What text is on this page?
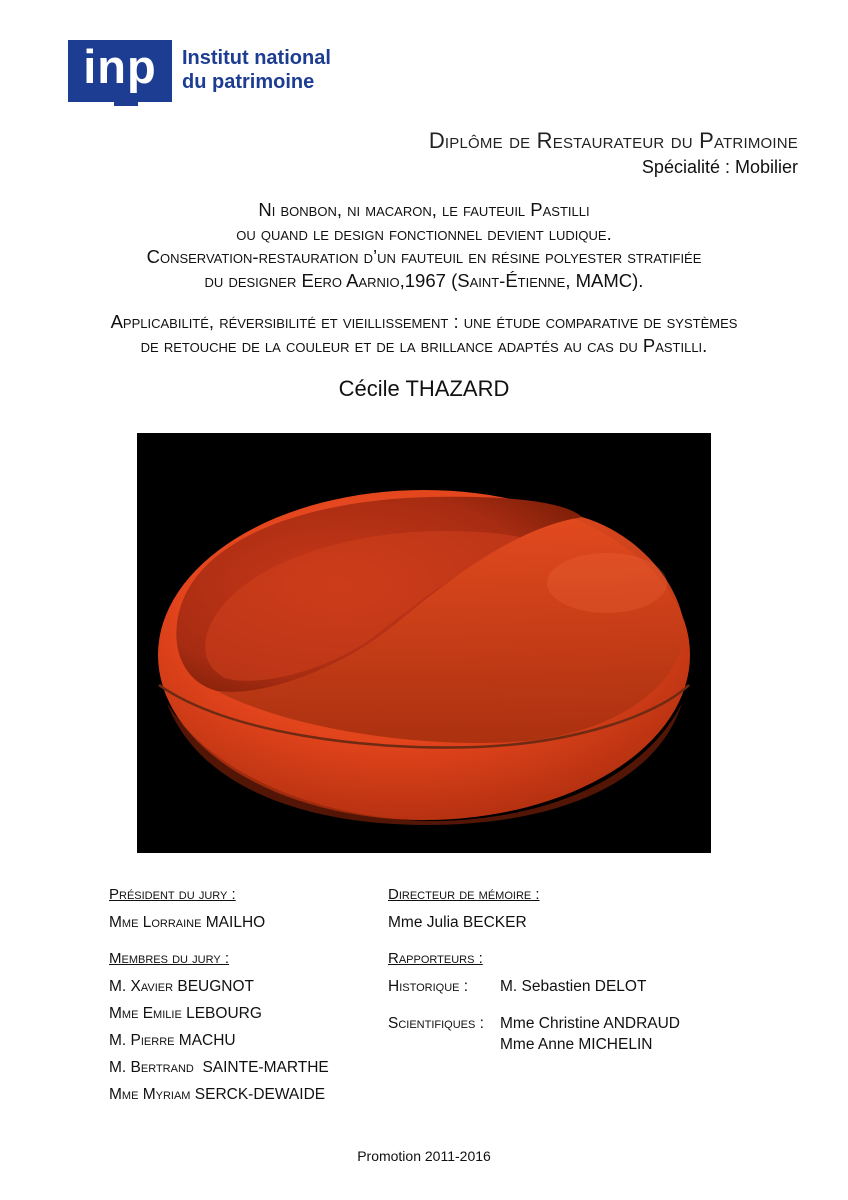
inp	Institut national
du patrimoine
Diplôme de Restaurateur du Patrimoine
Spécialité : Mobilier
Ni bonbon, ni macaron, le fauteuil Pastilli
ou quand le design fonctionnel devient ludique.
Conservation-restauration d’un fauteuil en résine polyester stratifiée
du designer Eero Aarnio,1967 (Saint-Étienne, MAMC).
Applicabilité, réversibilité et vieillissement : une étude comparative de systèmes
de retouche de la couleur et de la brillance adaptés au cas du Pastilli.
Cécile THAZARD
Président du jury :
Mme Lorraine MAILHO
Membres du jury :
M. Xavier BEUGNOT
Mme Emilie LEBOURG
M. Pierre MACHU
M. Bertrand  SAINTE-MARTHE
Mme Myriam SERCK-DEWAIDE
Directeur de mémoire :
Mme Julia BECKER
Rapporteurs :
Historique :	M. Sebastien DELOT
Scientifiques :	Mme Christine ANDRAUD
Mme Anne MICHELIN
Promotion 2011-2016
